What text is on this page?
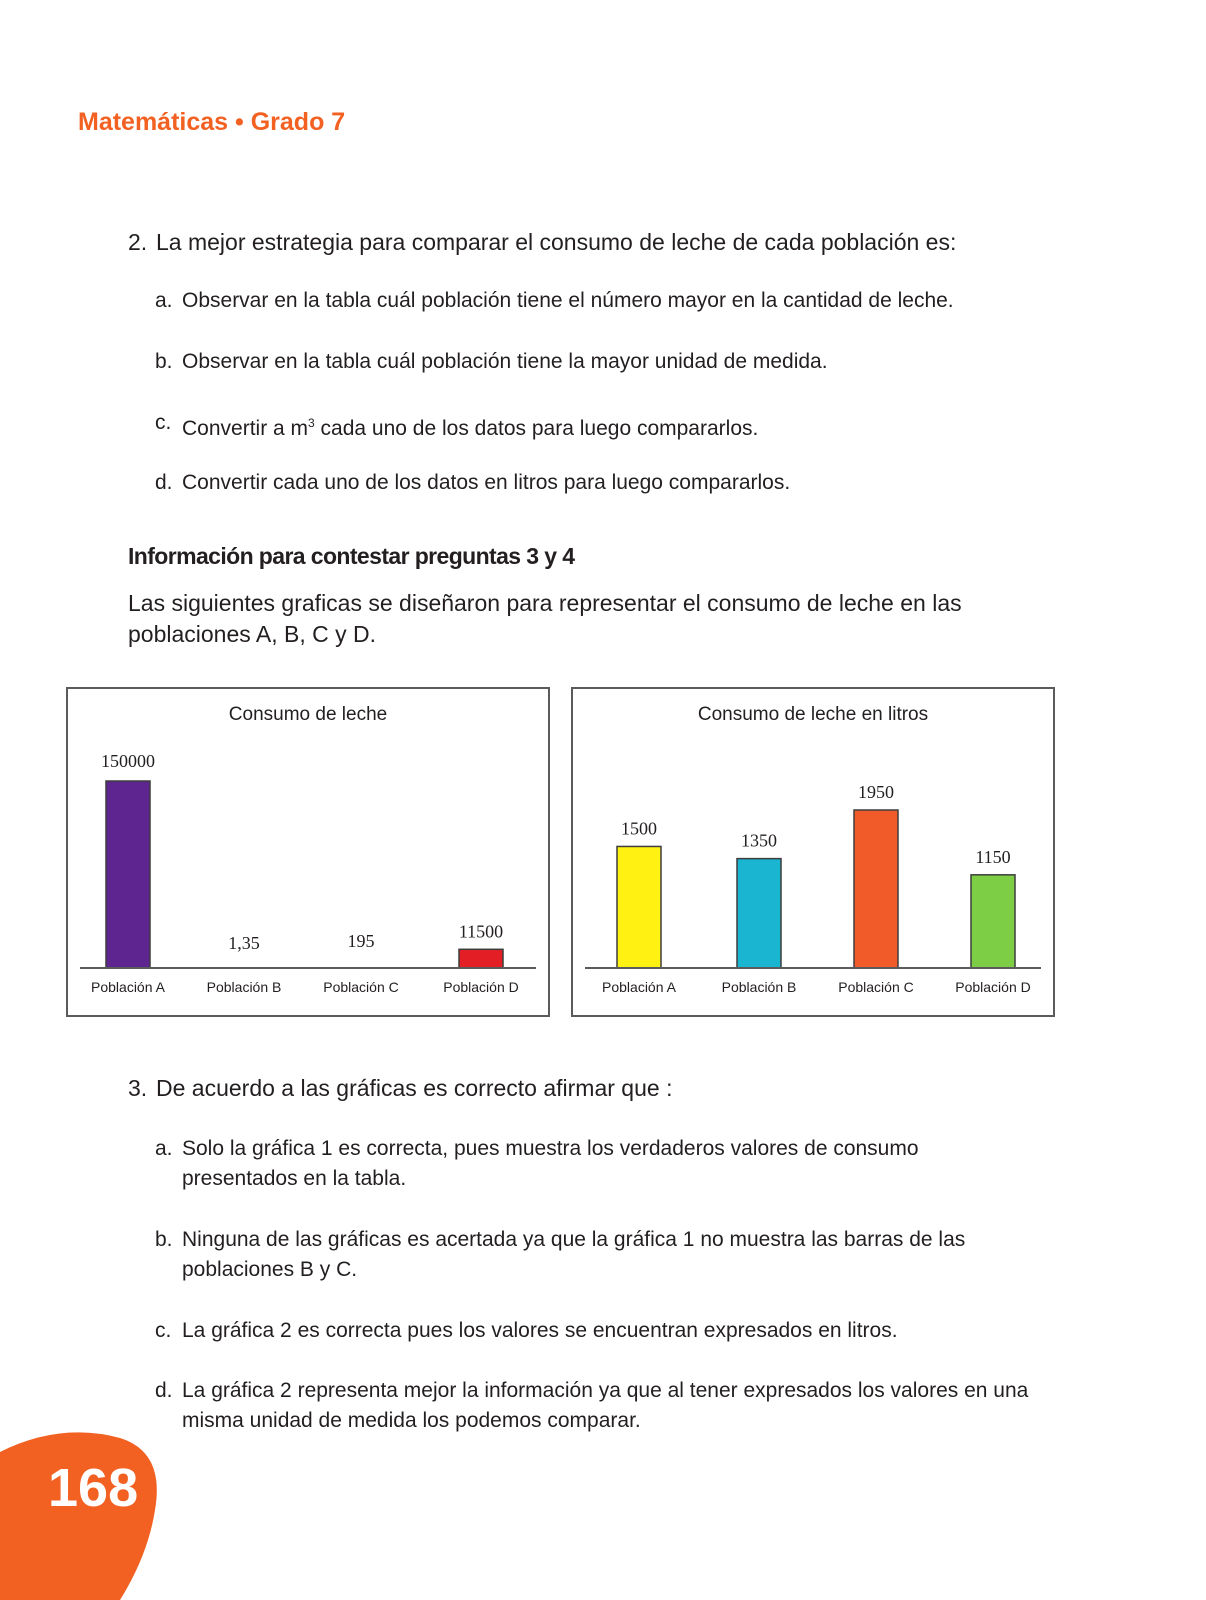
Matemáticas • Grado 7
2. La mejor estrategia para comparar el consumo de leche de cada población es:
a. Observar en la tabla cuál población tiene el número mayor en la cantidad de leche.
b. Observar en la tabla cuál población tiene la mayor unidad de medida.
c. Convertir a $m^3$ cada uno de los datos para luego compararlos.
d. Convertir cada uno de los datos en litros para luego compararlos.
Información para contestar preguntas 3 y 4
Las siguientes graficas se diseñaron para representar el consumo de leche en las poblaciones A, B, C y D.
Consumo de leche
150000
Población A
1,35
Población B
195
Población C
11500
Población D
Consumo de leche en litros
1500
Población A
1350
Población B
1950
Población C
1150
Población D
3. De acuerdo a las gráficas es correcto afirmar que :
a. Solo la gráfica 1 es correcta, pues muestra los verdaderos valores de consumo presentados en la tabla.
b. Ninguna de las gráficas es acertada ya que la gráfica 1 no muestra las barras de las poblaciones B y C.
c. La gráfica 2 es correcta pues los valores se encuentran expresados en litros.
d. La gráfica 2 representa mejor la información ya que al tener expresados los valores en una misma unidad de medida los podemos comparar.
168
